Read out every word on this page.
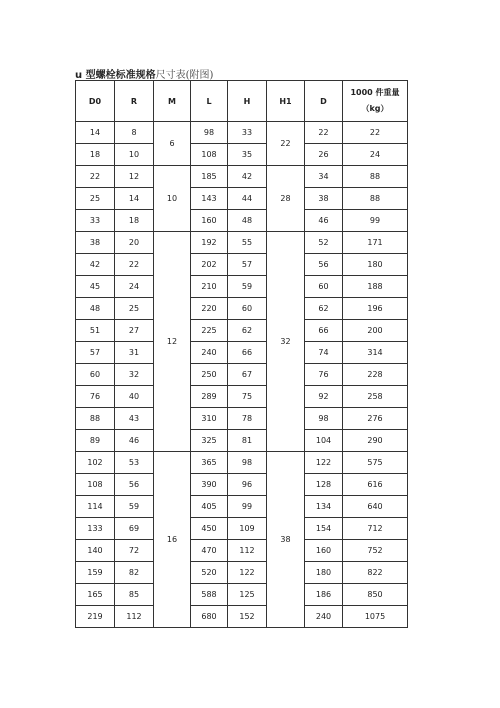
u 型螺栓标准规格尺寸表(附图)
D0	R	M	L	H	H1	D	1000 件重量
（kg）

14	8	6	98	33	22	22	22
18	10		108	35		26	24
22	12	10	185	42	28	34	88
25	14		143	44		38	88
33	18		160	48		46	99
38	20	12	192	55	32	52	171
42	22		202	57		56	180
45	24		210	59		60	188
48	25		220	60		62	196
51	27		225	62		66	200
57	31		240	66		74	314
60	32		250	67		76	228
76	40		289	75		92	258
88	43		310	78		98	276
89	46		325	81		104	290
102	53	16	365	98	38	122	575
108	56		390	96		128	616
114	59		405	99		134	640
133	69		450	109		154	712
140	72		470	112		160	752
159	82		520	122		180	822
165	85		588	125		186	850
219	112		680	152		240	1075
